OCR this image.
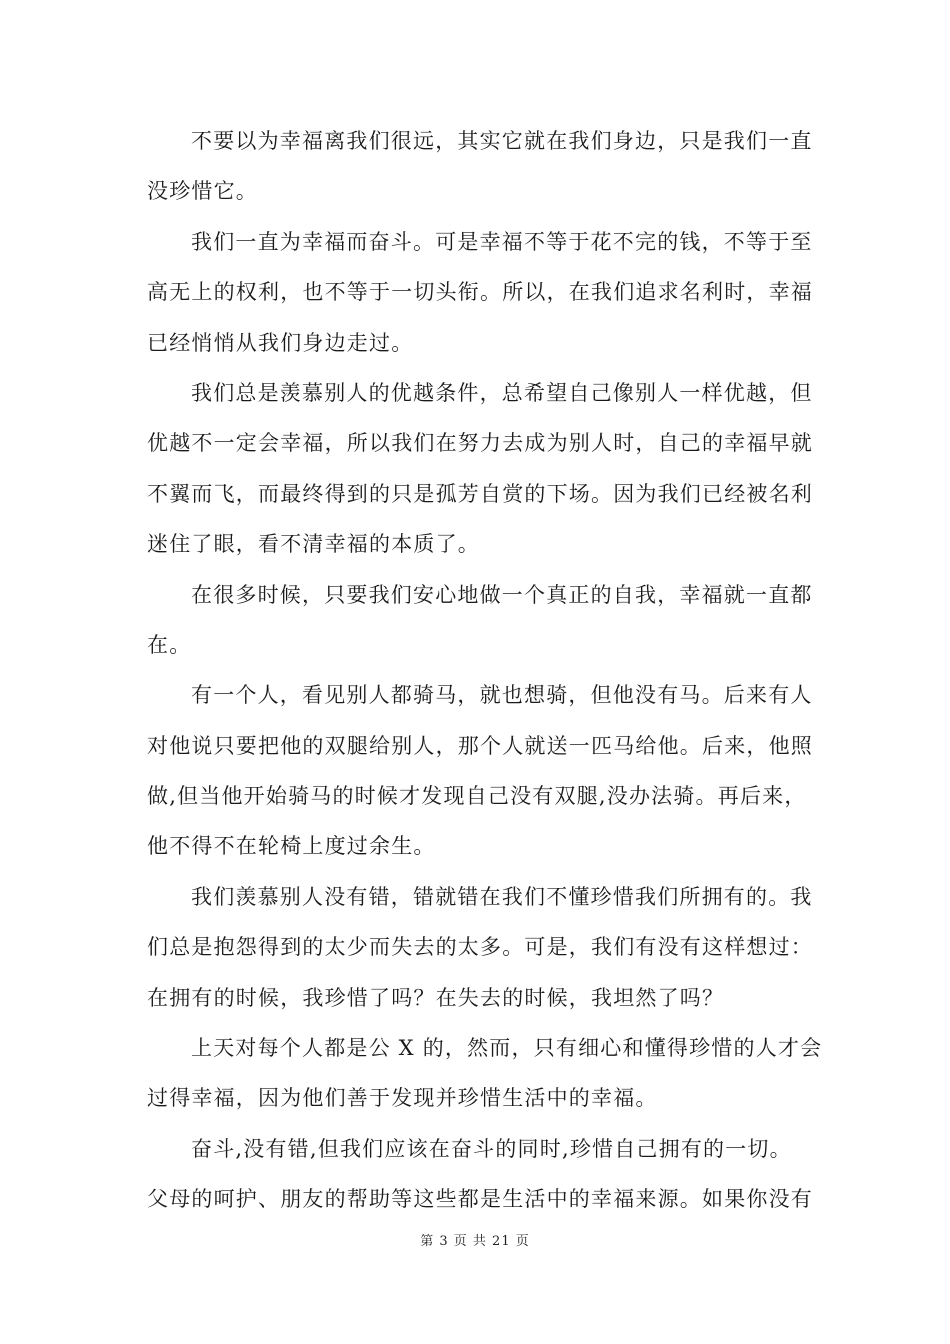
不要以为幸福离我们很远，其实它就在我们身边，只是我们一直
没珍惜它。
我们一直为幸福而奋斗。可是幸福不等于花不完的钱，不等于至
高无上的权利，也不等于一切头衔。所以，在我们追求名利时，幸福
已经悄悄从我们身边走过。
我们总是羡慕别人的优越条件，总希望自己像别人一样优越，但
优越不一定会幸福，所以我们在努力去成为别人时，自己的幸福早就
不翼而飞，而最终得到的只是孤芳自赏的下场。因为我们已经被名利
迷住了眼，看不清幸福的本质了。
在很多时候，只要我们安心地做一个真正的自我，幸福就一直都
在。
有一个人，看见别人都骑马，就也想骑，但他没有马。后来有人
对他说只要把他的双腿给别人，那个人就送一匹马给他。后来，他照
做,但当他开始骑马的时候才发现自己没有双腿,没办法骑。再后来，
他不得不在轮椅上度过余生。
我们羡慕别人没有错，错就错在我们不懂珍惜我们所拥有的。我
们总是抱怨得到的太少而失去的太多。可是，我们有没有这样想过：
在拥有的时候，我珍惜了吗？在失去的时候，我坦然了吗？
上天对每个人都是公 X 的，然而，只有细心和懂得珍惜的人才会
过得幸福，因为他们善于发现并珍惜生活中的幸福。
奋斗,没有错,但我们应该在奋斗的同时,珍惜自己拥有的一切。
父母的呵护、朋友的帮助等这些都是生活中的幸福来源。如果你没有
第 3 页 共 21 页
